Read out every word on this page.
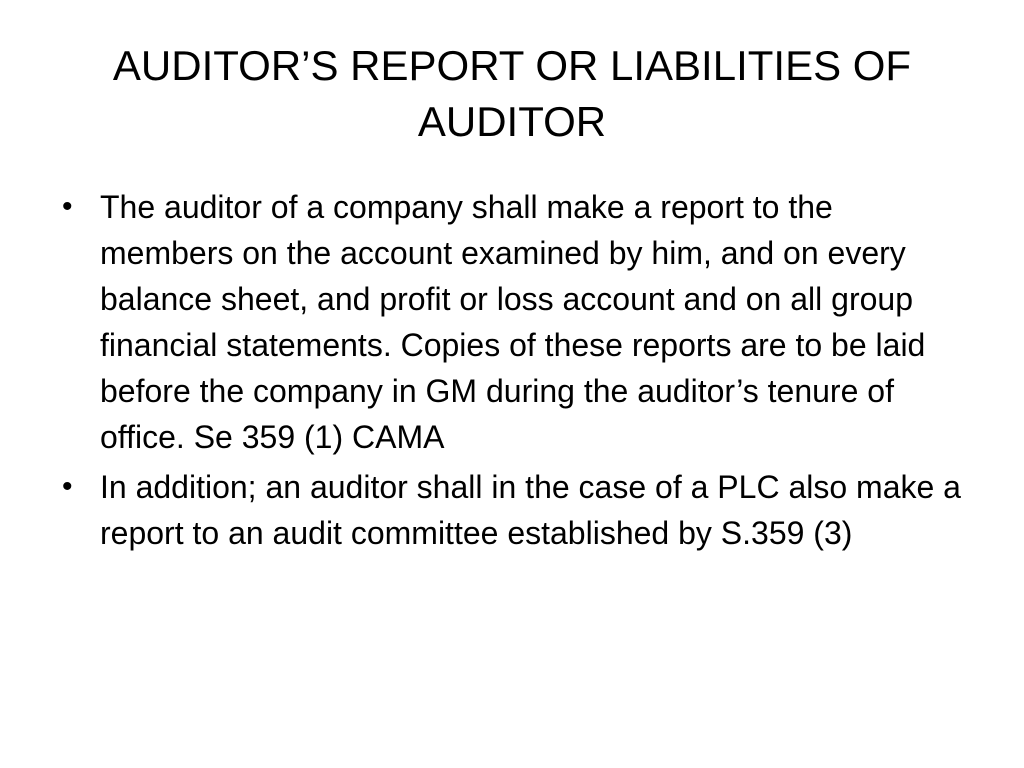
AUDITOR’S REPORT OR LIABILITIES OF AUDITOR
• The auditor of a company shall make a report to the members on the account examined by him, and on every balance sheet, and profit or loss account and on all group financial statements. Copies of these reports are to be laid before the company in GM during the auditor’s tenure of office. Se 359 (1) CAMA
• In addition; an auditor shall in the case of a PLC also make a report to an audit committee established by S.359 (3)
